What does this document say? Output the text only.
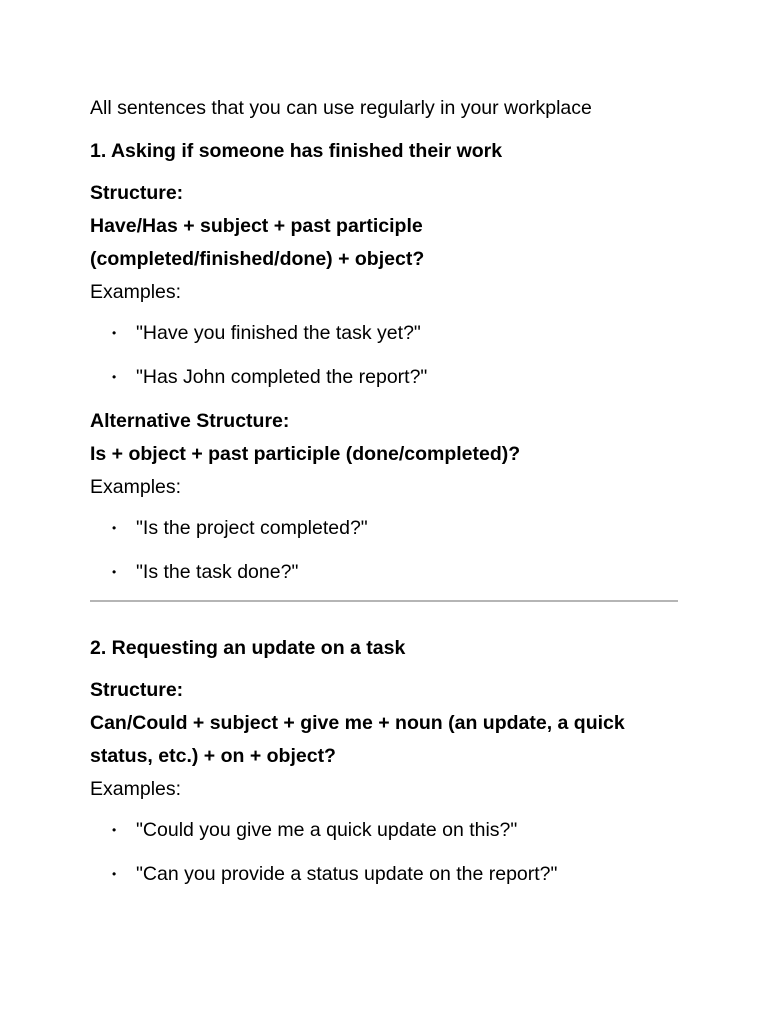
All sentences that you can use regularly in your workplace

1. Asking if someone has finished their work

Structure:

Have/Has + subject + past participle

(completed/finished/done) + object?

Examples:

• "Have you finished the task yet?"
• "Has John completed the report?"

Alternative Structure:

Is + object + past participle (done/completed)?

Examples:

• "Is the project completed?"
• "Is the task done?"

2. Requesting an update on a task

Structure:

Can/Could + subject + give me + noun (an update, a quick

status, etc.) + on + object?

Examples:

• "Could you give me a quick update on this?"
• "Can you provide a status update on the report?"
